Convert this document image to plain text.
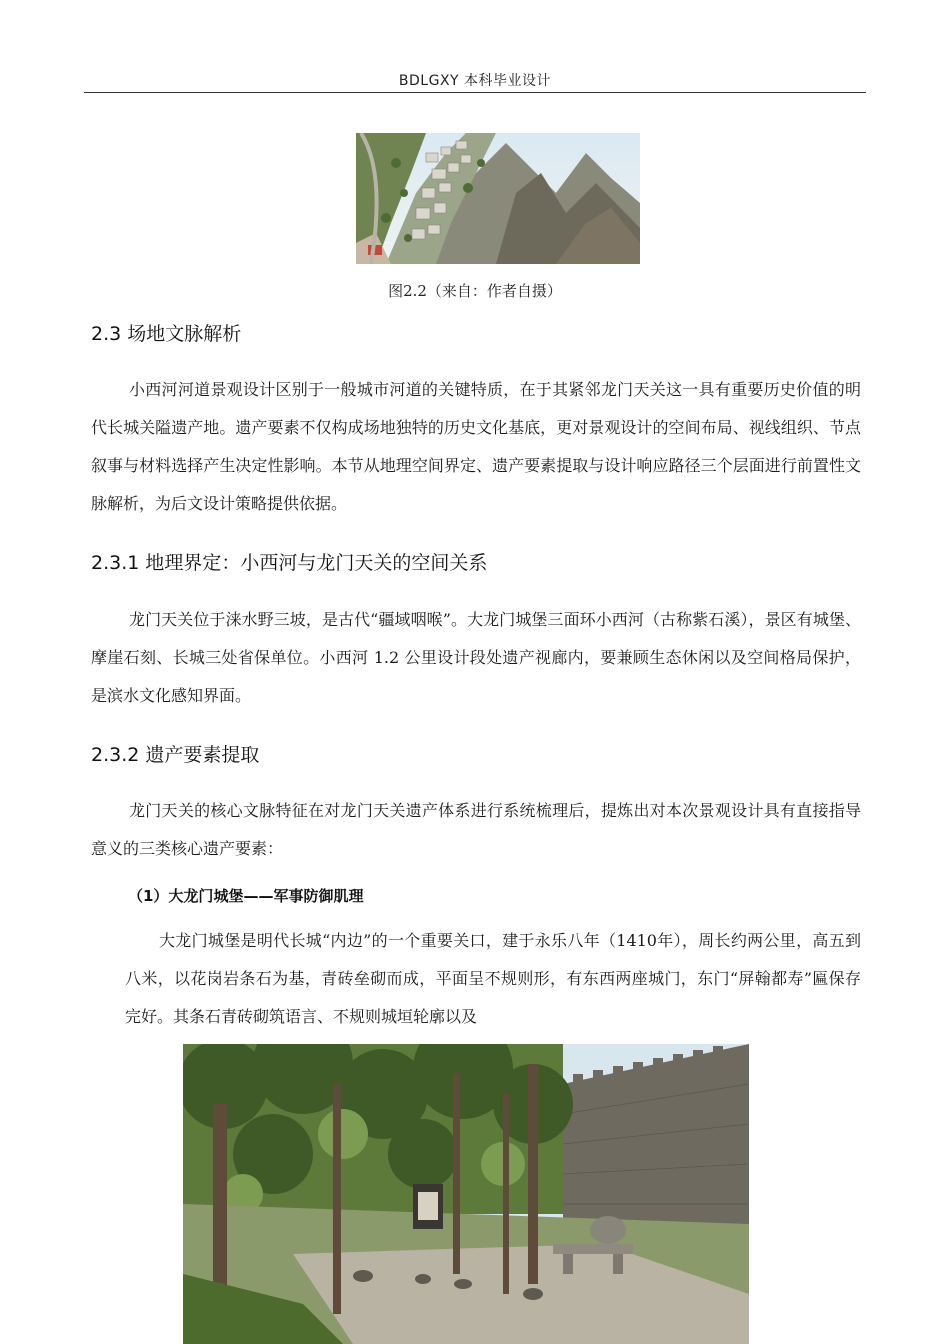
BDLGXY 本科毕业设计
图2.2（来自：作者自摄）
2.3 场地文脉解析
小西河河道景观设计区别于一般城市河道的关键特质，在于其紧邻龙门天关这一具有重要历史价值的明代长城关隘遗产地。遗产要素不仅构成场地独特的历史文化基底，更对景观设计的空间布局、视线组织、节点叙事与材料选择产生决定性影响。本节从地理空间界定、遗产要素提取与设计响应路径三个层面进行前置性文脉解析，为后文设计策略提供依据。
2.3.1 地理界定：小西河与龙门天关的空间关系
龙门天关位于涞水野三坡，是古代“疆域咽喉”。大龙门城堡三面环小西河（古称紫石溪），景区有城堡、摩崖石刻、长城三处省保单位。小西河 1.2 公里设计段处遗产视廊内，要兼顾生态休闲以及空间格局保护，是滨水文化感知界面。
2.3.2 遗产要素提取
龙门天关的核心文脉特征在对龙门天关遗产体系进行系统梳理后，提炼出对本次景观设计具有直接指导意义的三类核心遗产要素：
（1）大龙门城堡——军事防御肌理
大龙门城堡是明代长城“内边”的一个重要关口，建于永乐八年（1410年），周长约两公里，高五到八米，以花岗岩条石为基，青砖垒砌而成，平面呈不规则形，有东西两座城门，东门“屏翰都寿”匾保存完好。其条石青砖砌筑语言、不规则城垣轮廓以及
